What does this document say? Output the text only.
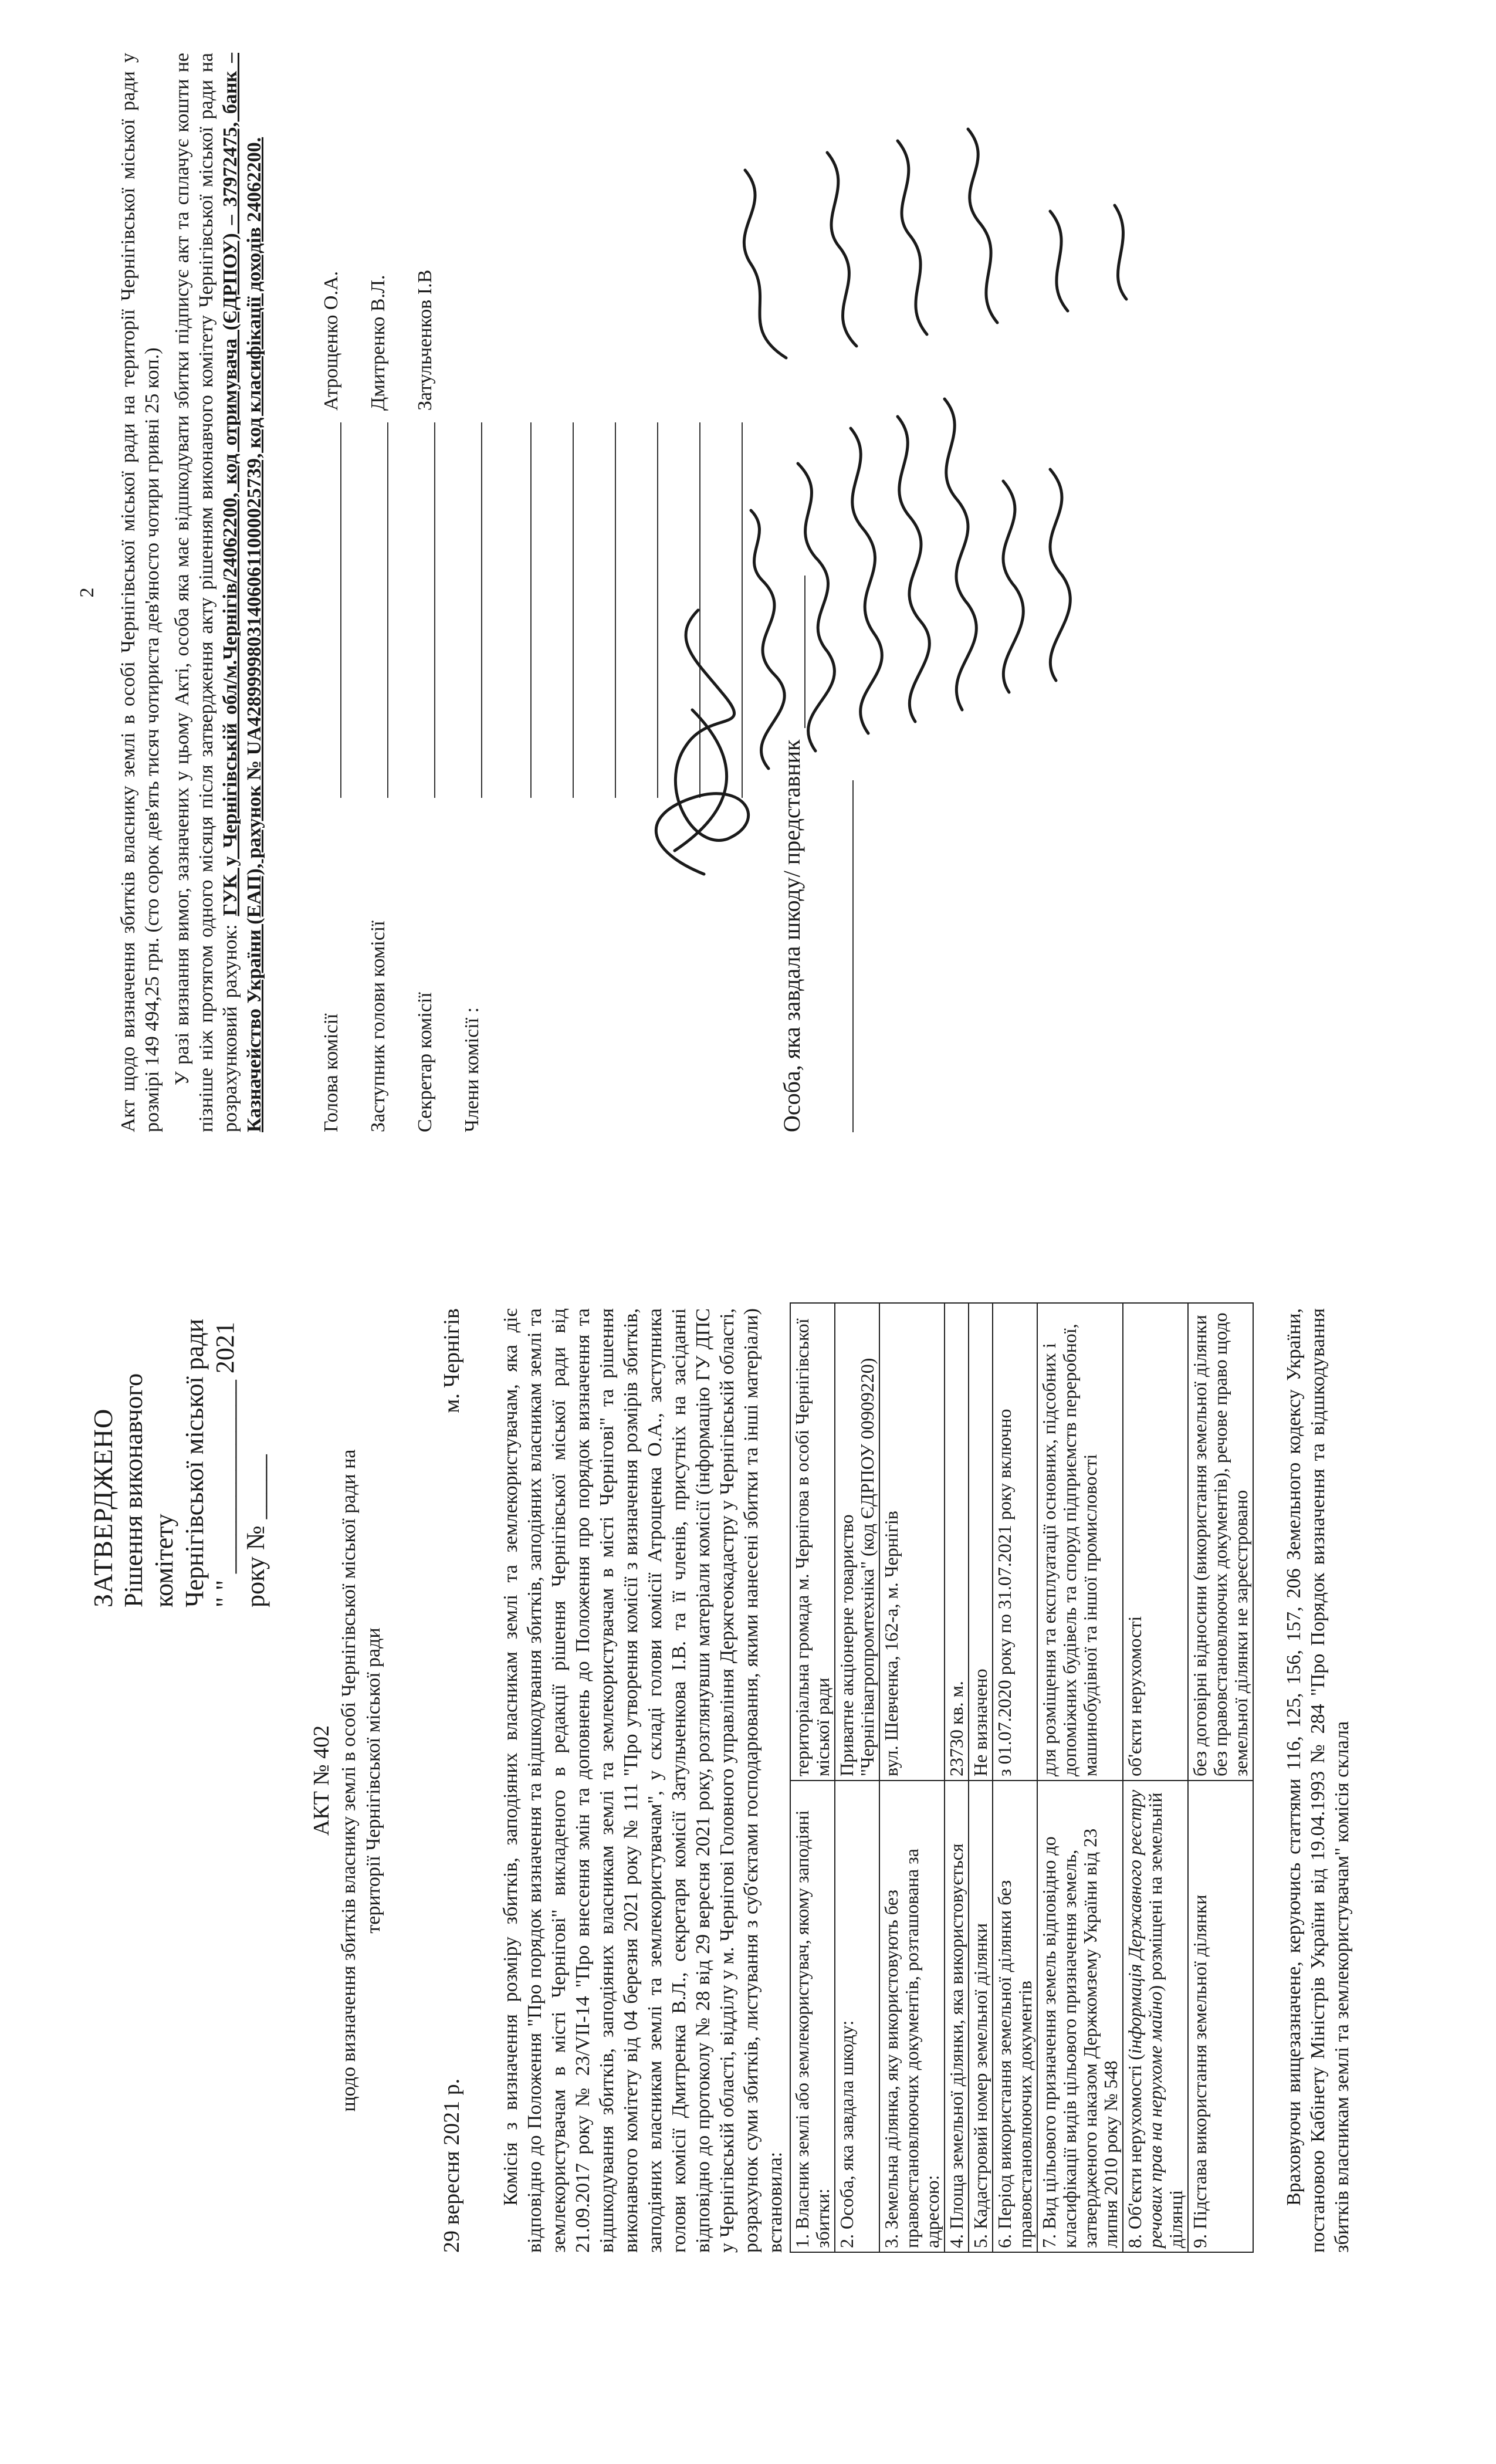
ЗАТВЕРДЖЕНО Рішення виконавчого комітету Чернігівської міської ради " " _______________ 2021 року № _____
АКТ № 402 щодо визначення збитків власнику землі в особі Чернігівської міської ради на території Чернігівської міської ради
29 вересня 2021 р.
м. Чернігів Комісія з визначення розміру збитків, заподіяних власникам землі та землекористувачам, яка діє відповідно до Положення "Про порядок визначення та відшкодування збитків, заподіяних власникам землі та землекористувачам в місті Чернігові" викладеного в редакції рішення Чернігівської міської ради від 21.09.2017 року № 23/VII-14 "Про внесення змін та доповнень до Положення про порядок визначення та відшкодування збитків, заподіяних власникам землі та землекористувачам в місті Чернігові" та рішення виконавчого комітету від 04 березня 2021 року № 111 "Про утворення комісії з визначення розмірів збитків, заподіяних власникам землі та землекористувачам", у складі голови комісії Атрощенка О.А., заступника голови комісії Дмитренка В.Л., секретаря комісії Затульченкова І.В. та її членів, присутніх на засіданні відповідно до протоколу № 28 від 29 вересня 2021 року, розглянувши матеріали комісії (інформацію ГУ ДПС у Чернігівській області, відділу у м. Чернігові Головного управління Держгеокадастру у Чернігівській області, розрахунок суми збитків, листування з суб'єктами господарювання, якими нанесені збитки та інші матеріали) встановила: 1. Власник землі або землекористувач, якому заподіяні збитки:	територіальна громада м. Чернігова в особі Чернігівської міської ради
2. Особа, яка завдала шкоду:	Приватне акціонерне товариство "Чернігівагропромтехніка" (код ЄДРПОУ 00909220)
3. Земельна ділянка, яку використовують без правовстановлюючих документів, розташована за адресою:	вул. Шевченка, 162-а, м. Чернігів
4. Площа земельної ділянки, яка використовується	23730 кв. м.
5. Кадастровий номер земельної ділянки	Не визначено
6. Період використання земельної ділянки без правовстановлюючих документів	з 01.07.2020 року по 31.07.2021 року включно
7. Вид цільового призначення земель відповідно до класифікації видів цільового призначення земель, затвердженого наказом Держкомзему України від 23 липня 2010 року № 548	для розміщення та експлуатації основних, підсобних і допоміжних будівель та споруд підприємств переробної, машинобудівної та іншої промисловості
8. Об'єкти нерухомості (інформація Державного реєстру речових прав на нерухоме майно) розміщені на земельній ділянці	об'єкти нерухомості
9. Підстава використання земельної ділянки	без договірні відносини (використання земельної ділянки без правовстановлюючих документів), речове право щодо земельної ділянки не зареєстровано Враховуючи вищезазначене, керуючись статтями 116, 125, 156, 157, 206 Земельного кодексу України, постановою Кабінету Міністрів України від 19.04.1993 № 284 "Про Порядок визначення та відшкодування збитків власникам землі та землекористувачам" комісія склала
2 Акт щодо визначення збитків власнику землі в особі Чернігівської міської ради на території Чернігівської міської ради у розмірі 149 494,25 грн. (сто сорок дев'ять тисяч чотириста дев'яносто чотири гривні 25 коп.) У разі визнання вимог, зазначених у цьому Акті, особа яка має відшкодувати збитки підписує акт та сплачує кошти не пізніше ніж протягом одного місяця після затвердження акту рішенням виконавчого комітету Чернігівської міської ради на розрахунковий рахунок: ГУК у Чернігівській обл/м.Чернігів/24062200, код отримувача (ЄДРПОУ) – 37972475, банк – Казначейство України (ЕАП), рахунок № UA428999980314060611000025739, код класифікації доходів 24062200.	Голова комісії
Атрощенко О.А.
Заступник голови комісії
Дмитренко В.Л.
Секретар комісії
Затульченков І.В
Члени комісії :	Особа, яка завдала шкоду/ представник
